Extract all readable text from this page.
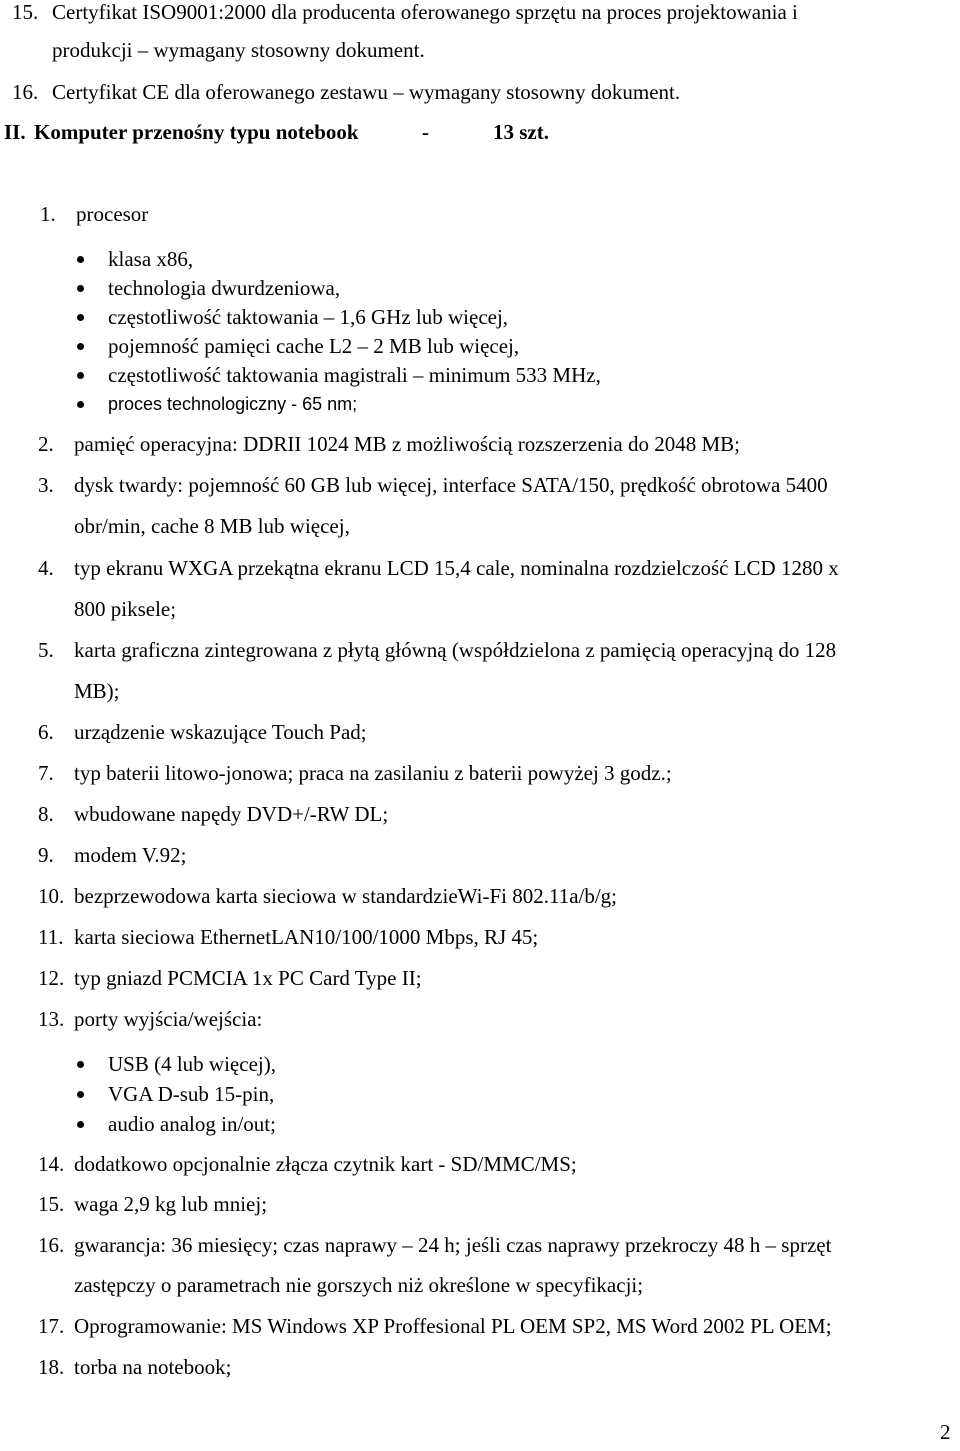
15. Certyfikat ISO9001:2000 dla producenta oferowanego sprzętu na proces projektowania i
produkcji – wymagany stosowny dokument.
16. Certyfikat CE dla oferowanego zestawu – wymagany stosowny dokument.
II. Komputer przenośny typu notebook	-	13 szt.
1. procesor
klasa x86,
technologia dwurdzeniowa,
częstotliwość taktowania – 1,6 GHz lub więcej,
pojemność pamięci cache L2 – 2 MB lub więcej,
częstotliwość taktowania magistrali – minimum 533 MHz,
proces technologiczny - 65 nm;
2. pamięć operacyjna: DDRII 1024 MB z możliwością rozszerzenia do 2048 MB;
3. dysk twardy: pojemność 60 GB lub więcej, interface SATA/150, prędkość obrotowa 5400
obr/min, cache 8 MB lub więcej,
4. typ ekranu WXGA przekątna ekranu LCD 15,4 cale, nominalna rozdzielczość LCD 1280 x
800 piksele;
5. karta graficzna zintegrowana z płytą główną (współdzielona z pamięcią operacyjną do 128
MB);
6. urządzenie wskazujące Touch Pad;
7. typ baterii litowo-jonowa; praca na zasilaniu z baterii powyżej 3 godz.;
8. wbudowane napędy DVD+/-RW DL;
9. modem V.92;
10. bezprzewodowa karta sieciowa w standardzieWi-Fi 802.11a/b/g;
11. karta sieciowa EthernetLAN10/100/1000 Mbps, RJ 45;
12. typ gniazd PCMCIA 1x PC Card Type II;
13. porty wyjścia/wejścia:
USB (4 lub więcej),
VGA D-sub 15-pin,
audio analog in/out;
14. dodatkowo opcjonalnie złącza czytnik kart - SD/MMC/MS;
15. waga 2,9 kg lub mniej;
16. gwarancja: 36 miesięcy; czas naprawy – 24 h; jeśli czas naprawy przekroczy 48 h – sprzęt
zastępczy o parametrach nie gorszych niż określone w specyfikacji;
17. Oprogramowanie: MS Windows XP Proffesional PL OEM SP2, MS Word 2002 PL OEM;
18. torba na notebook;
2
